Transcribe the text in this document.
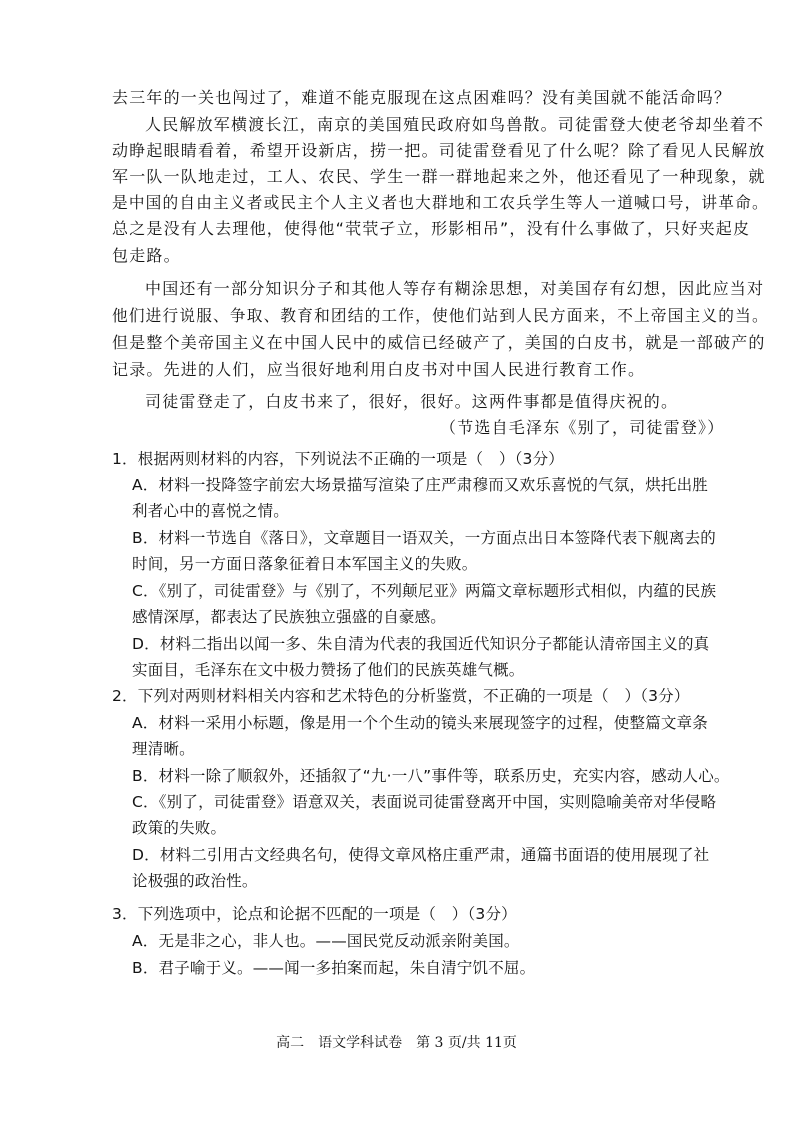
去三年的一关也闯过了，难道不能克服现在这点困难吗？没有美国就不能活命吗？
人民解放军横渡长江，南京的美国殖民政府如鸟兽散。司徒雷登大使老爷却坐着不
动睁起眼睛看着，希望开设新店，捞一把。司徒雷登看见了什么呢？除了看见人民解放
军一队一队地走过，工人、农民、学生一群一群地起来之外，他还看见了一种现象，就
是中国的自由主义者或民主个人主义者也大群地和工农兵学生等人一道喊口号，讲革命。
总之是没有人去理他，使得他“茕茕孑立，形影相吊”，没有什么事做了，只好夹起皮
包走路。
中国还有一部分知识分子和其他人等存有糊涂思想，对美国存有幻想，因此应当对
他们进行说服、争取、教育和团结的工作，使他们站到人民方面来，不上帝国主义的当。
但是整个美帝国主义在中国人民中的威信已经破产了，美国的白皮书，就是一部破产的
记录。先进的人们，应当很好地利用白皮书对中国人民进行教育工作。
司徒雷登走了，白皮书来了，很好，很好。这两件事都是值得庆祝的。
（节选自毛泽东《别了，司徒雷登》）
1．根据两则材料的内容，下列说法不正确的一项是（　）（3分）
A．材料一投降签字前宏大场景描写渲染了庄严肃穆而又欢乐喜悦的气氛，烘托出胜
利者心中的喜悦之情。
B．材料一节选自《落日》，文章题目一语双关，一方面点出日本签降代表下舰离去的
时间，另一方面日落象征着日本军国主义的失败。
C．《别了，司徒雷登》与《别了，不列颠尼亚》两篇文章标题形式相似，内蕴的民族
感情深厚，都表达了民族独立强盛的自豪感。
D．材料二指出以闻一多、朱自清为代表的我国近代知识分子都能认清帝国主义的真
实面目，毛泽东在文中极力赞扬了他们的民族英雄气概。
2．下列对两则材料相关内容和艺术特色的分析鉴赏，不正确的一项是（　）（3分）
A．材料一采用小标题，像是用一个个生动的镜头来展现签字的过程，使整篇文章条
理清晰。
B．材料一除了顺叙外，还插叙了“九·一八”事件等，联系历史，充实内容，感动人心。
C．《别了，司徒雷登》语意双关，表面说司徒雷登离开中国，实则隐喻美帝对华侵略
政策的失败。
D．材料二引用古文经典名句，使得文章风格庄重严肃，通篇书面语的使用展现了社
论极强的政治性。
3．下列选项中，论点和论据不匹配的一项是（　）（3分）
A．无是非之心，非人也。——国民党反动派亲附美国。
B．君子喻于义。——闻一多拍案而起，朱自清宁饥不屈。
高二　语文学科试卷　第 3 页/共 11页
